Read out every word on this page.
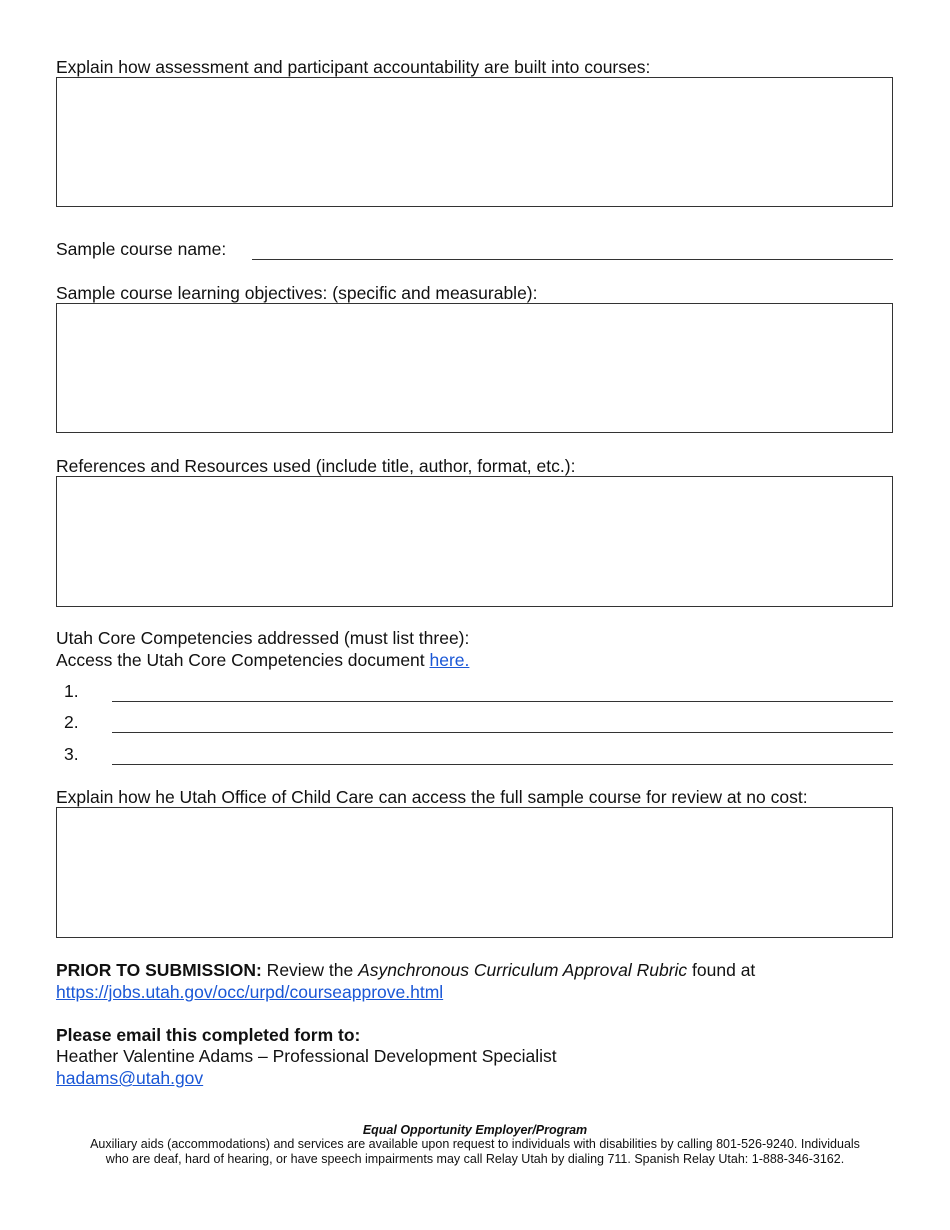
Explain how assessment and participant accountability are built into courses:
Sample course name:
Sample course learning objectives: (specific and measurable):
References and Resources used (include title, author, format, etc.):
Utah Core Competencies addressed (must list three):
Access the Utah Core Competencies document here.
1.
2.
3.
Explain how he Utah Office of Child Care can access the full sample course for review at no cost:
PRIOR TO SUBMISSION: Review the Asynchronous Curriculum Approval Rubric found at
https://jobs.utah.gov/occ/urpd/courseapprove.html
Please email this completed form to:
Heather Valentine Adams – Professional Development Specialist
hadams@utah.gov
Equal Opportunity Employer/Program
Auxiliary aids (accommodations) and services are available upon request to individuals with disabilities by calling 801-526-9240. Individuals who are deaf, hard of hearing, or have speech impairments may call Relay Utah by dialing 711. Spanish Relay Utah: 1-888-346-3162.
